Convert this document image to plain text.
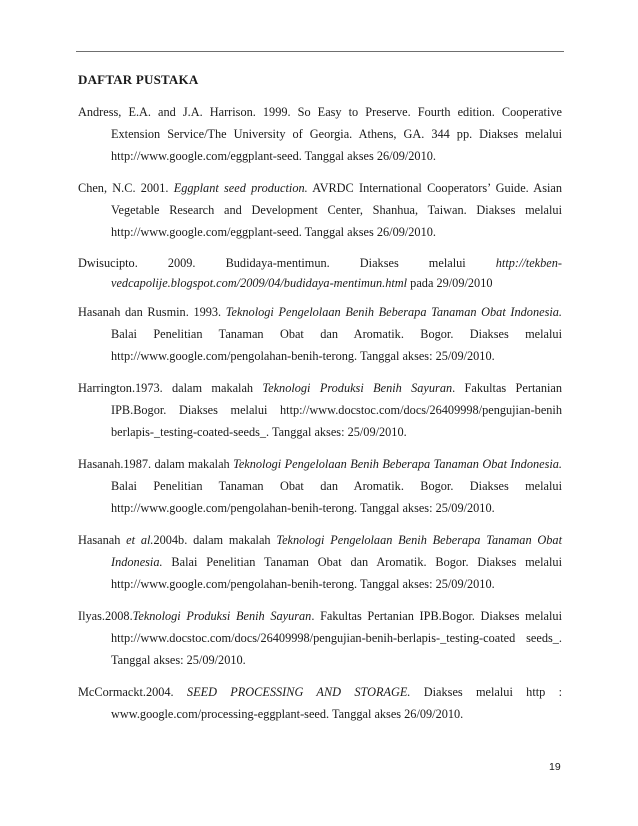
DAFTAR PUSTAKA

Andress, E.A. and J.A. Harrison. 1999. So Easy to Preserve. Fourth edition. Cooperative Extension Service/The University of Georgia. Athens, GA. 344 pp. Diakses melalui http://www.google.com/eggplant-seed. Tanggal akses 26/09/2010.

Chen, N.C. 2001. Eggplant seed production. AVRDC International Cooperators’ Guide. Asian Vegetable Research and Development Center, Shanhua, Taiwan. Diakses melalui http://www.google.com/eggplant-seed. Tanggal akses 26/09/2010.

Dwisucipto. 2009. Budidaya-mentimun. Diakses melalui http://tekben-vedcapolije.blogspot.com/2009/04/budidaya-mentimun.html pada 29/09/2010

Hasanah dan Rusmin. 1993. Teknologi Pengelolaan Benih Beberapa Tanaman Obat Indonesia. Balai Penelitian Tanaman Obat dan Aromatik. Bogor. Diakses melalui http://www.google.com/pengolahan-benih-terong. Tanggal akses: 25/09/2010.

Harrington.1973. dalam makalah Teknologi Produksi Benih Sayuran. Fakultas Pertanian IPB.Bogor. Diakses melalui http://www.docstoc.com/docs/26409998/pengujian-benih berlapis-_testing-coated-seeds_. Tanggal akses: 25/09/2010.

Hasanah.1987. dalam makalah Teknologi Pengelolaan Benih Beberapa Tanaman Obat Indonesia. Balai Penelitian Tanaman Obat dan Aromatik. Bogor. Diakses melalui http://www.google.com/pengolahan-benih-terong. Tanggal akses: 25/09/2010.

Hasanah et al.2004b. dalam makalah Teknologi Pengelolaan Benih Beberapa Tanaman Obat Indonesia. Balai Penelitian Tanaman Obat dan Aromatik. Bogor. Diakses melalui http://www.google.com/pengolahan-benih-terong. Tanggal akses: 25/09/2010.

Ilyas.2008.Teknologi Produksi Benih Sayuran. Fakultas Pertanian IPB.Bogor. Diakses melalui http://www.docstoc.com/docs/26409998/pengujian-benih-berlapis-_testing-coated seeds_. Tanggal akses: 25/09/2010.

McCormackt.2004. SEED PROCESSING AND STORAGE. Diakses melalui http : www.google.com/processing-eggplant-seed. Tanggal akses 26/09/2010.

19
